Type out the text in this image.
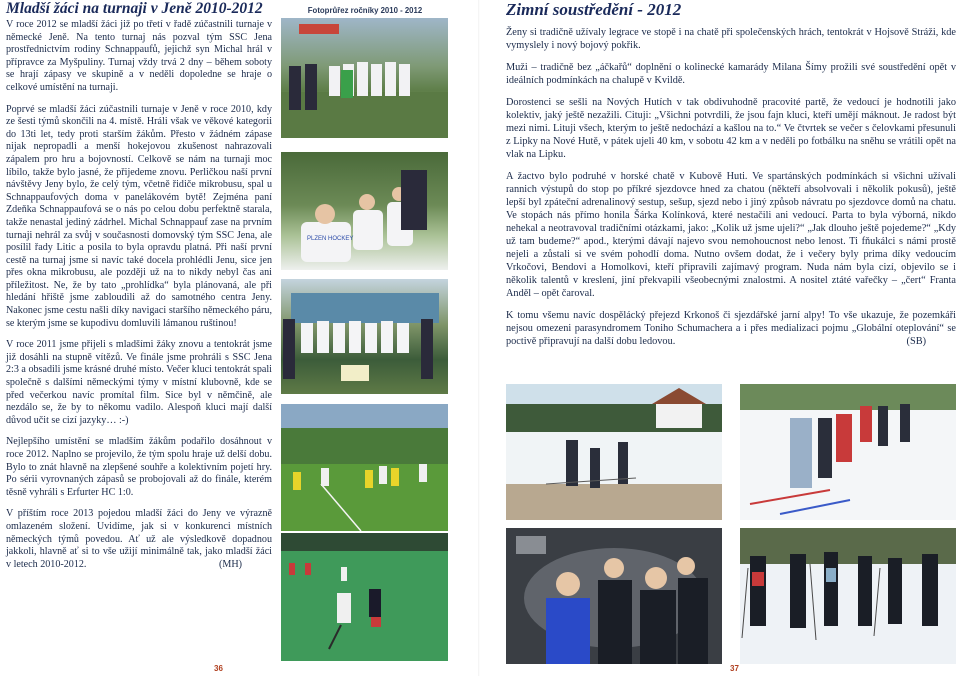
Mladší žáci na turnaji v Jeně 2010-2012

V roce 2012 se mladší žáci již po třetí v řadě zúčastnili turnaje v německé Jeně. Na tento turnaj nás pozval tým SSC Jena prostřednictvím rodiny Schnappaufů, jejichž syn Michal hrál v přípravce za Myšpuliny. Turnaj vždy trvá 2 dny – během soboty se hrají zápasy ve skupině a v neděli dopoledne se hraje o celkové umístění na turnaji.

Poprvé se mladší žáci zúčastnili turnaje v Jeně v roce 2010, kdy ze šesti týmů skončili na 4. místě. Hráli však ve věkové kategorii do 13ti let, tedy proti starším žákům. Přesto v žádném zápase nijak nepropadli a menší hokejovou zkušenost nahrazovali zápalem pro hru a bojovností. Celkově se nám na turnaji moc líbilo, takže bylo jasné, že přijedeme znovu. Perličkou naší první návštěvy Jeny bylo, že celý tým, včetně řidiče mikrobusu, spal u Schnappaufových doma v panelákovém bytě! Zejména paní Zdeňka Schnappaufová se o nás po celou dobu perfektně starala, takže nenastal jediný zádrhel. Michal Schnappauf zase na prvním turnaji nehrál za svůj v současnosti domovský tým SSC Jena, ale posílil řady Litic a posila to byla opravdu platná. Při naší první cestě na turnaj jsme si navíc také docela prohlédli Jenu, sice jen přes okna mikrobusu, ale později už na to nikdy nebyl čas ani příležitost. Ne, že by tato „prohlídka“ byla plánovaná, ale při hledání hřiště jsme zabloudili až do samotného centra Jeny. Nakonec jsme cestu našli díky navigaci staršího německého páru, se kterým jsme se kupodivu domluvili lámanou ruštinou!

V roce 2011 jsme přijeli s mladšími žáky znovu a tentokrát jsme již dosáhli na stupně vítězů. Ve finále jsme prohráli s SSC Jena 2:3 a obsadili jsme krásné druhé místo. Večer kluci tentokrát spali společně s dalšími německými týmy v místní klubovně, kde se před večerkou navíc promítal film. Sice byl v němčině, ale nezdálo se, že by to někomu vadilo. Alespoň kluci mají další důvod učit se cizí jazyky… :-)

Nejlepšího umístění se mladším žákům podařilo dosáhnout v roce 2012. Naplno se projevilo, že tým spolu hraje už delší dobu. Bylo to znát hlavně na zlepšené souhře a kolektivním pojetí hry. Po sérii vyrovnaných zápasů se probojovali až do finále, kterém těsně vyhráli s Erfurter HC 1:0.

V příštím roce 2013 pojedou mladší žáci do Jeny ve výrazně omlazeném složení. Uvidíme, jak si v konkurenci místních německých týmů povedou. Ať už ale výsledkově dopadnou jakkoli, hlavně ať si to vše užijí minimálně tak, jako mladší žáci v letech 2010-2012.	(MH)

Fotoprůřez ročníky 2010 - 2012
PLZEN HOCKEY
36
Zimní soustředění - 2012

Ženy si tradičně užívaly legrace ve stopě i na chatě při společenských hrách, tentokrát v Hojsově Stráži, kde vymyslely i nový bojový pokřik.

Muži – tradičně bez „áčkařů“ doplnění o kolinecké kamarády Milana Šímy prožili své soustředění opět v ideálních podmínkách na chalupě v Kvildě.

Dorostenci se sešli na Nových Hutích v tak obdivuhodně pracovité partě, že vedoucí je hodnotili jako kolektiv, jaký ještě nezažili. Cituji: „Všichni potvrdili, že jsou fajn kluci, kteří umějí máknout. Je radost být mezi nimi. Lituji všech, kterým to ještě nedochází a kašlou na to.“ Ve čtvrtek se večer s čelovkami přesunuli z Lipky na Nové Hutě, v pátek ujeli 40 km, v sobotu 42 km a v neděli po fotbálku na sněhu se vrátili opět na vlak na Lipku.

A žactvo bylo podruhé v horské chatě v Kubově Huti. Ve spartánských podmínkách si všichni užívali rannich výstupů do stop po příkré sjezdovce hned za chatou (někteří absolvovali i několik pokusů), ještě lepší byl zpáteční adrenalinový sestup, sešup, sjezd nebo i jiný způsob návratu po sjezdovce domů na chatu. Ve stopách nás přímo honila Šárka Kolínková, které nestačili ani vedoucí. Parta to byla výborná, nikdo nehekal a neotravoval tradičními otázkami, jako: „Kolik už jsme ujeli?“ „Jak dlouho ještě pojedeme?“ „Kdy už tam budeme?“ apod., kterými dávají najevo svou nemohoucnost nebo lenost. Ti fňukálci s námi prostě nejeli a zůstali si ve svém pohodlí doma. Nutno ovšem dodat, že i večery byly prima díky vedoucím Vrkočovi, Bendovi a Homolkovi, kteří připravili zajímavý program. Nuda nám byla cizí, objevilo se i několik talentů v kreslení, jiní překvapili všeobecnými znalostmi. A nositel ztáté vařečky – „čert“ Franta Anděl – opět čaroval.

K tomu všemu navíc dospělácký přejezd Krkonoš či sjezdářské jarní alpy! To vše ukazuje, že pozemkáři nejsou omezeni parasyndromem Toniho Schumachera a i přes medializaci pojmu „Globální oteplování“ se poctivě připravují na další dobu ledovou.	(SB)

37
